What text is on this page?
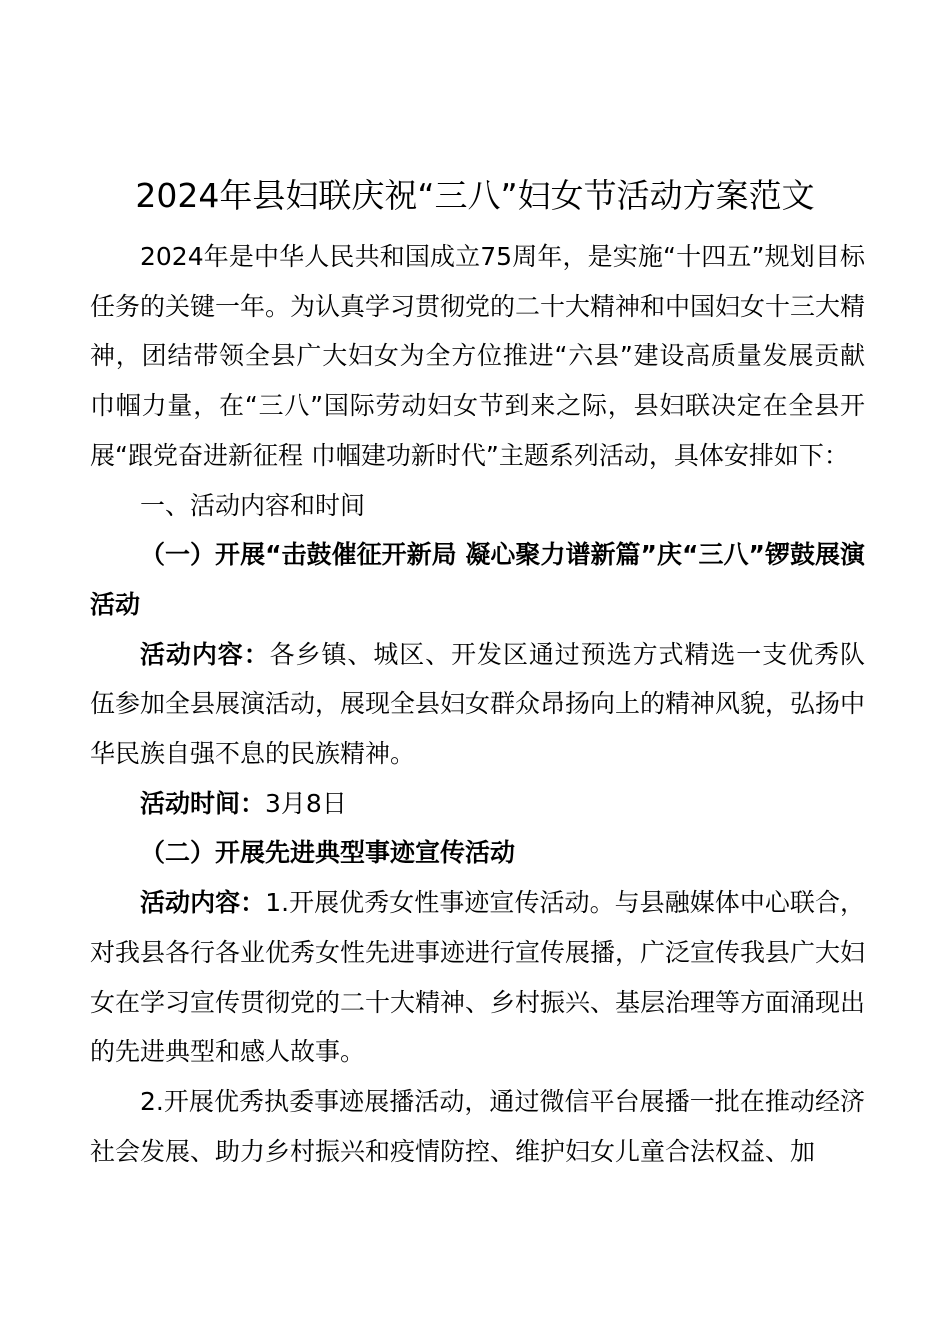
2024年县妇联庆祝“三八”妇女节活动方案范文

2024年是中华人民共和国成立75周年，是实施“十四五”规划目标任务的关键一年。为认真学习贯彻党的二十大精神和中国妇女十三大精神，团结带领全县广大妇女为全方位推进“六县”建设高质量发展贡献巾帼力量，在“三八”国际劳动妇女节到来之际，县妇联决定在全县开展“跟党奋进新征程 巾帼建功新时代”主题系列活动，具体安排如下：

一、活动内容和时间

（一）开展“击鼓催征开新局 凝心聚力谱新篇”庆“三八”锣鼓展演活动

活动内容：各乡镇、城区、开发区通过预选方式精选一支优秀队伍参加全县展演活动，展现全县妇女群众昂扬向上的精神风貌，弘扬中华民族自强不息的民族精神。

活动时间：3月8日

（二）开展先进典型事迹宣传活动

活动内容：1.开展优秀女性事迹宣传活动。与县融媒体中心联合，对我县各行各业优秀女性先进事迹进行宣传展播，广泛宣传我县广大妇女在学习宣传贯彻党的二十大精神、乡村振兴、基层治理等方面涌现出的先进典型和感人故事。

2.开展优秀执委事迹展播活动，通过微信平台展播一批在推动经济社会发展、助力乡村振兴和疫情防控、维护妇女儿童合法权益、加
